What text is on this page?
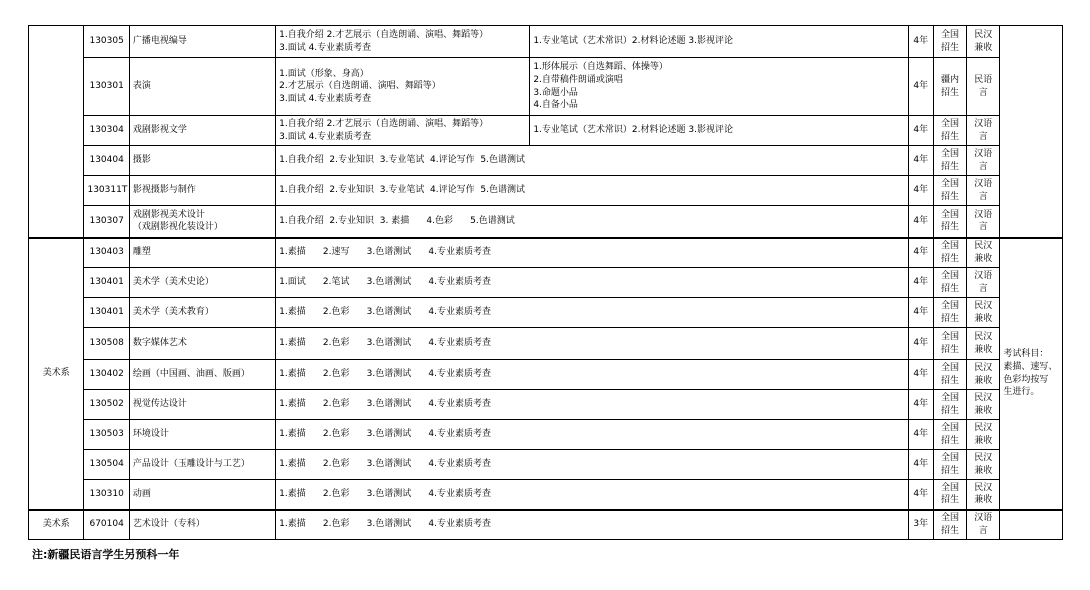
	130305	广播电视编导	1.自我介绍 2.才艺展示（自选朗诵、演唱、舞蹈等）
3.面试 4.专业素质考查	1.专业笔试（艺术常识）2.材料论述题 3.影视评论	4年	全国招生	民汉兼收	
	130301	表演	1.面试（形象、身高）
2.才艺展示（自选朗诵、演唱、舞蹈等）
3.面试 4.专业素质考查	1.形体展示（自选舞蹈、体操等）
2.自带稿件朗诵或演唱
3.命题小品
4.自备小品	4年	疆内招生	民语言	
	130304	戏剧影视文学	1.自我介绍 2.才艺展示（自选朗诵、演唱、舞蹈等）
3.面试 4.专业素质考查	1.专业笔试（艺术常识）2.材料论述题 3.影视评论	4年	全国招生	汉语言	
	130404	摄影	1.自我介绍  2.专业知识  3.专业笔试  4.评论写作  5.色谱测试		4年	全国招生	汉语言	
	130311T	影视摄影与制作	1.自我介绍  2.专业知识  3.专业笔试  4.评论写作  5.色谱测试		4年	全国招生	汉语言	
	130307	戏剧影视美术设计
（戏剧影视化装设计）	1.自我介绍  2.专业知识  3. 素描      4.色彩      5.色谱测试		4年	全国招生	汉语言	
美术系	130403	雕塑	1.素描      2.速写      3.色谱测试      4.专业素质考查		4年	全国招生	民汉兼收	考试科目：
素描、速写、
色彩均按写
生进行。

	130401	美术学（美术史论）	1.面试      2.笔试      3.色谱测试      4.专业素质考查		4年	全国招生	汉语言	
	130401	美术学（美术教育）	1.素描      2.色彩      3.色谱测试      4.专业素质考查		4年	全国招生	民汉兼收	
	130508	数字媒体艺术	1.素描      2.色彩      3.色谱测试      4.专业素质考查		4年	全国招生	民汉兼收	
	130402	绘画（中国画、油画、版画）	1.素描      2.色彩      3.色谱测试      4.专业素质考查		4年	全国招生	民汉兼收	
	130502	视觉传达设计	1.素描      2.色彩      3.色谱测试      4.专业素质考查		4年	全国招生	民汉兼收	
	130503	环境设计	1.素描      2.色彩      3.色谱测试      4.专业素质考查		4年	全国招生	民汉兼收	
	130504	产品设计（玉雕设计与工艺）	1.素描      2.色彩      3.色谱测试      4.专业素质考查		4年	全国招生	民汉兼收	
	130310	动画	1.素描      2.色彩      3.色谱测试      4.专业素质考查		4年	全国招生	民汉兼收	
美术系	670104	艺术设计（专科）	1.素描      2.色彩      3.色谱测试      4.专业素质考查		3年	全国招生	汉语言	
注:新疆民语言学生另预科一年
